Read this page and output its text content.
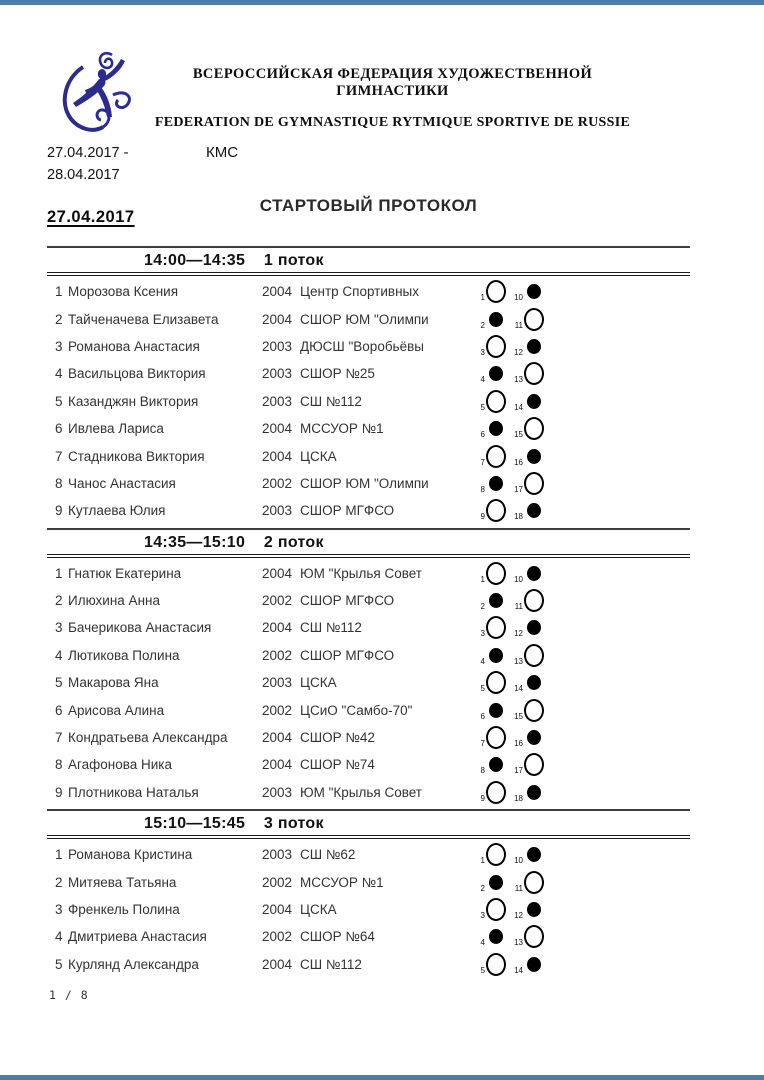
ВСЕРОССИЙСКАЯ ФЕДЕРАЦИЯ ХУДОЖЕСТВЕННОЙ ГИМНАСТИКИ
FEDERATION DE GYMNASTIQUE RYTMIQUE SPORTIVE DE RUSSIE
27.04.2017 -
28.04.2017
КМС
СТАРТОВЫЙ ПРОТОКОЛ
27.04.2017
14:00—14:35 1 поток
1 Морозова Ксения	2004 Центр Спортивных	1	10
2 Тайченачева Елизавета	2004 СШОР ЮМ "Олимпи	2	11
3 Романова Анастасия	2003 ДЮСШ "Воробьёвы	3	12
4 Васильцова Виктория	2003 СШОР №25	4	13
5 Казанджян Виктория	2003 СШ №112	5	14
6 Ивлева Лариса	2004 МССУОР №1	6	15
7 Стадникова Виктория	2004 ЦСКА	7	16
8 Чанос Анастасия	2002 СШОР ЮМ "Олимпи	8	17
9 Кутлаева Юлия	2003 СШОР МГФСО	9	18
14:35—15:10 2 поток
1 Гнатюк Екатерина	2004 ЮМ "Крылья Совет	1	10
2 Илюхина Анна	2002 СШОР МГФСО	2	11
3 Бачерикова Анастасия	2004 СШ №112	3	12
4 Лютикова Полина	2002 СШОР МГФСО	4	13
5 Макарова Яна	2003 ЦСКА	5	14
6 Арисова Алина	2002 ЦСиО "Самбо-70"	6	15
7 Кондратьева Александра	2004 СШОР №42	7	16
8 Агафонова Ника	2004 СШОР №74	8	17
9 Плотникова Наталья	2003 ЮМ "Крылья Совет	9	18
15:10—15:45 3 поток
1 Романова Кристина	2003 СШ №62	1	10
2 Митяева Татьяна	2002 МССУОР №1	2	11
3 Френкель Полина	2004 ЦСКА	3	12
4 Дмитриева Анастасия	2002 СШОР №64	4	13
5 Курлянд Александра	2004 СШ №112	5	14
1 / 8
